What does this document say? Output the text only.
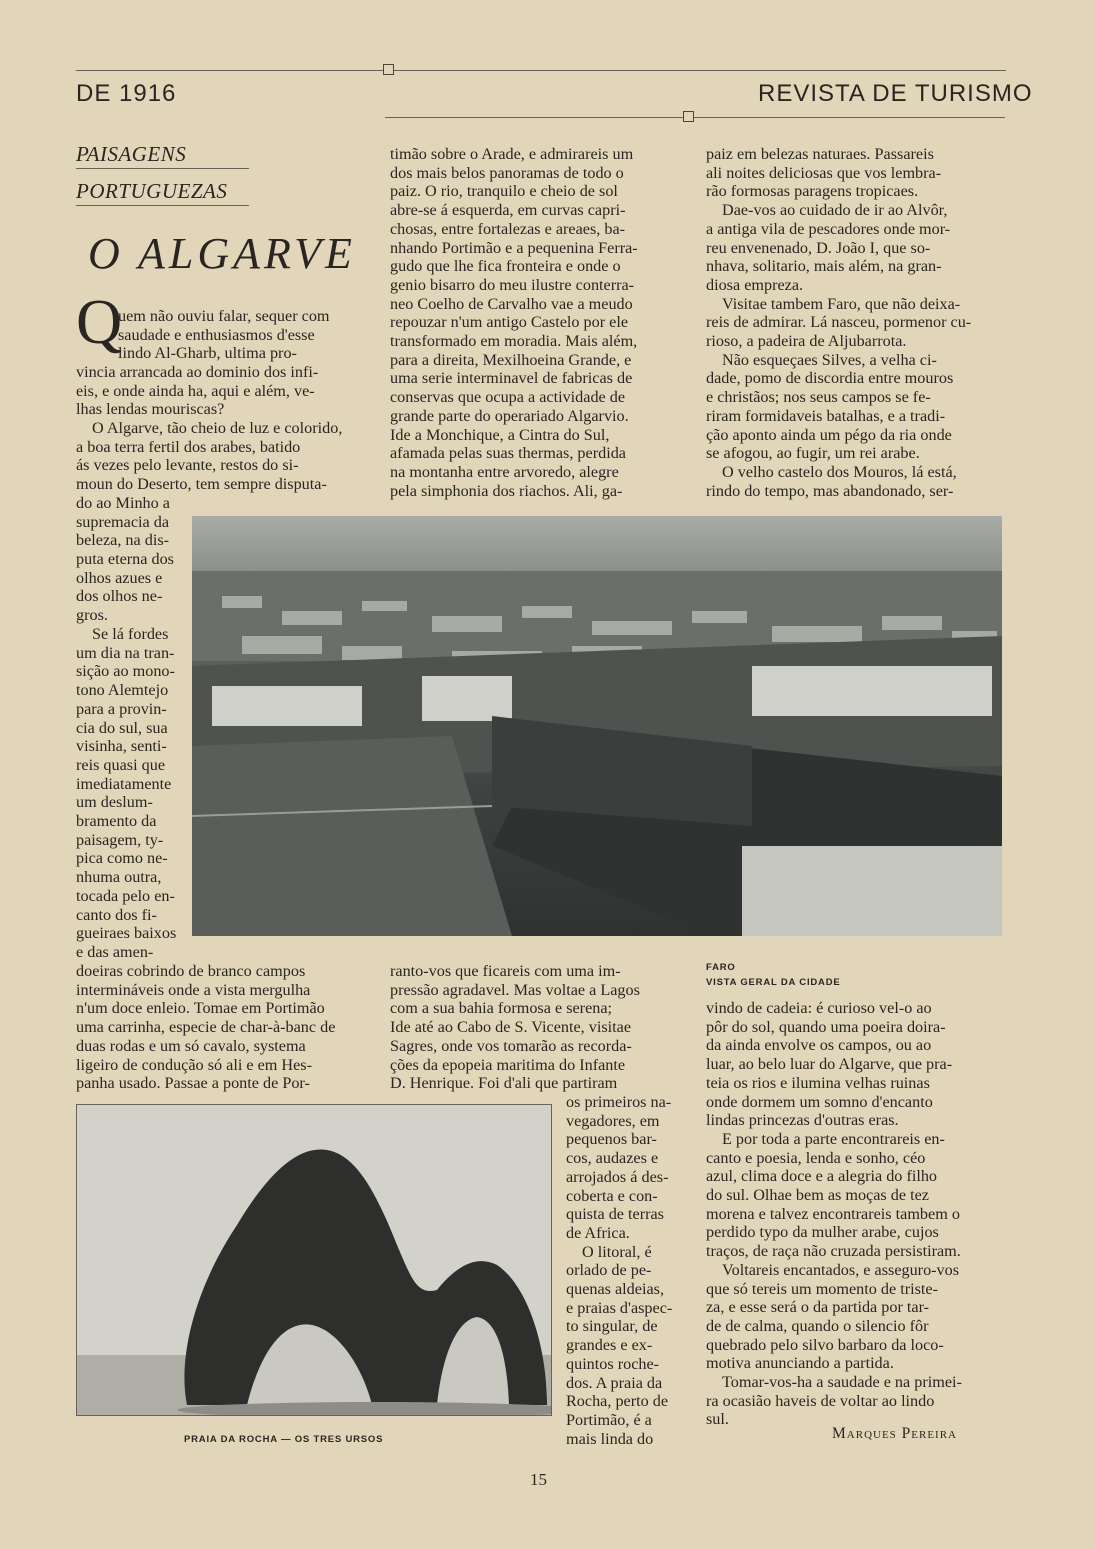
DE 1916	REVISTA DE TURISMO
PAISAGENS
PORTUGUEZAS
O ALGARVE
Q
uem não ouviu falar, sequer com
saudade e enthusiasmos d'esse
lindo Al-Gharb, ultima pro-
vincia arrancada ao dominio dos infi-
eis, e onde ainda ha, aqui e além, ve-
lhas lendas mouriscas?
O Algarve, tão cheio de luz e colorido,
a boa terra fertil dos arabes, batido
ás vezes pelo levante, restos do si-
moun do Deserto, tem sempre disputa-
do ao Minho a
supremacia da
beleza, na dis-
puta eterna dos
olhos azues e
dos olhos ne-
gros.
Se lá fordes
um dia na tran-
sição ao mono-
tono Alemtejo
para a provin-
cia do sul, sua
visinha, senti-
reis quasi que
imediatamente
um deslum-
bramento da
paisagem, ty-
pica como ne-
nhuma outra,
tocada pelo en-
canto dos fi-
gueiraes baixos
e das amen-
doeiras cobrindo de branco campos
intermináveis onde a vista mergulha
n'um doce enleio. Tomae em Portimão
uma carrinha, especie de char-à-banc de
duas rodas e um só cavalo, systema
ligeiro de condução só ali e em Hes-
panha usado. Passae a ponte de Por-
timão sobre o Arade, e admirareis um
dos mais belos panoramas de todo o
paiz. O rio, tranquilo e cheio de sol
abre-se á esquerda, em curvas capri-
chosas, entre fortalezas e areaes, ba-
nhando Portimão e a pequenina Ferra-
gudo que lhe fica fronteira e onde o
genio bisarro do meu ilustre conterra-
neo Coelho de Carvalho vae a meudo
repouzar n'um antigo Castelo por ele
transformado em moradia. Mais além,
para a direita, Mexilhoeina Grande, e
uma serie interminavel de fabricas de
conservas que ocupa a actividade de
grande parte do operariado Algarvio.
Ide a Monchique, a Cintra do Sul,
afamada pelas suas thermas, perdida
na montanha entre arvoredo, alegre
pela simphonia dos riachos. Ali, ga-
paiz em belezas naturaes. Passareis
ali noites deliciosas que vos lembra-
rão formosas paragens tropicaes.
Dae-vos ao cuidado de ir ao Alvôr,
a antiga vila de pescadores onde mor-
reu envenenado, D. João I, que so-
nhava, solitario, mais além, na gran-
diosa empreza.
Visitae tambem Faro, que não deixa-
reis de admirar. Lá nasceu, pormenor cu-
rioso, a padeira de Aljubarrota.
Não esqueçaes Silves, a velha ci-
dade, pomo de discordia entre mouros
e christãos; nos seus campos se fe-
riram formidaveis batalhas, e a tradi-
ção aponto ainda um pégo da ria onde
se afogou, ao fugir, um rei arabe.
O velho castelo dos Mouros, lá está,
rindo do tempo, mas abandonado, ser-
FARO
VISTA GERAL DA CIDADE
ranto-vos que ficareis com uma im-
pressão agradavel. Mas voltae a Lagos
com a sua bahia formosa e serena;
Ide até ao Cabo de S. Vicente, visitae
Sagres, onde vos tomarão as recorda-
ções da epopeia maritima do Infante
D. Henrique. Foi d'ali que partiram
os primeiros na-
vegadores, em
pequenos bar-
cos, audazes e
arrojados á des-
coberta e con-
quista de terras
de Africa.
O litoral, é
orlado de pe-
quenas aldeias,
e praias d'aspec-
to singular, de
grandes e ex-
quintos roche-
dos. A praia da
Rocha, perto de
Portimão, é a
mais linda do
PRAIA DA ROCHA — OS TRES URSOS
vindo de cadeia: é curioso vel-o ao
pôr do sol, quando uma poeira doira-
da ainda envolve os campos, ou ao
luar, ao belo luar do Algarve, que pra-
teia os rios e ilumina velhas ruinas
onde dormem um somno d'encanto
lindas princezas d'outras eras.
E por toda a parte encontrareis en-
canto e poesia, lenda e sonho, céo
azul, clima doce e a alegria do filho
do sul. Olhae bem as moças de tez
morena e talvez encontrareis tambem o
perdido typo da mulher arabe, cujos
traços, de raça não cruzada persistiram.
Voltareis encantados, e asseguro-vos
que só tereis um momento de triste-
za, e esse será o da partida por tar-
de de calma, quando o silencio fôr
quebrado pelo silvo barbaro da loco-
motiva anunciando a partida.
Tomar-vos-ha a saudade e na primei-
ra ocasião haveis de voltar ao lindo
sul.
Marques Pereira
15
